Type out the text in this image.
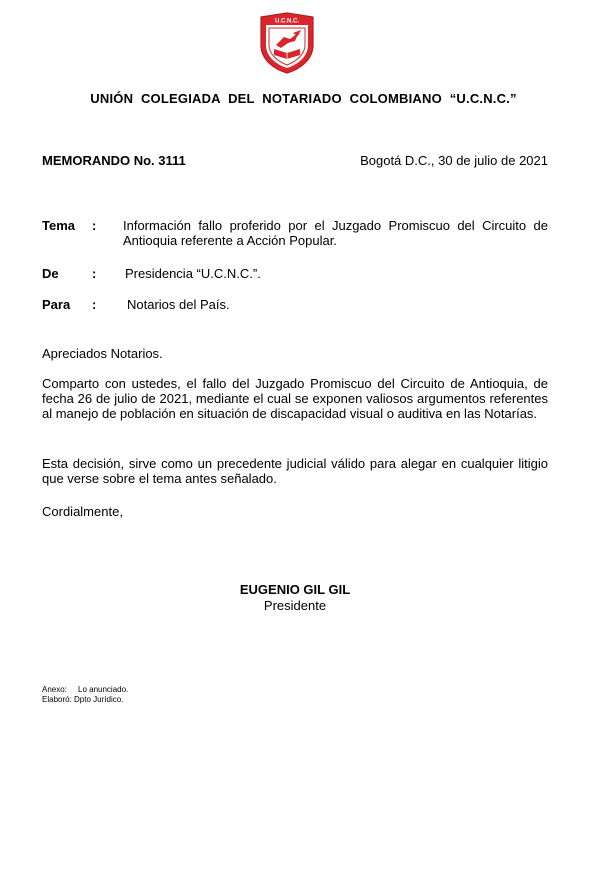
U.C.N.C.
UNIÓN COLEGIADA DEL NOTARIADO COLOMBIANO “U.C.N.C.”
MEMORANDO No. 3111	Bogotá D.C., 30 de julio de 2021
Tema : Información fallo proferido por el Juzgado Promiscuo del Circuito de Antioquia referente a Acción Popular.
De	: Presidencia “U.C.N.C.”.
Para : Notarios del País.
Apreciados Notarios.
Comparto con ustedes, el fallo del Juzgado Promiscuo del Circuito de Antioquia, de fecha 26 de julio de 2021, mediante el cual se exponen valiosos argumentos referentes al manejo de población en situación de discapacidad visual o auditiva en las Notarías.
Esta decisión, sirve como un precedente judicial válido para alegar en cualquier litigio que verse sobre el tema antes señalado.
Cordialmente,
EUGENIO GIL GIL
Presidente
Anexo: Lo anunciado.
Elaboró: Dpto Jurídico.
